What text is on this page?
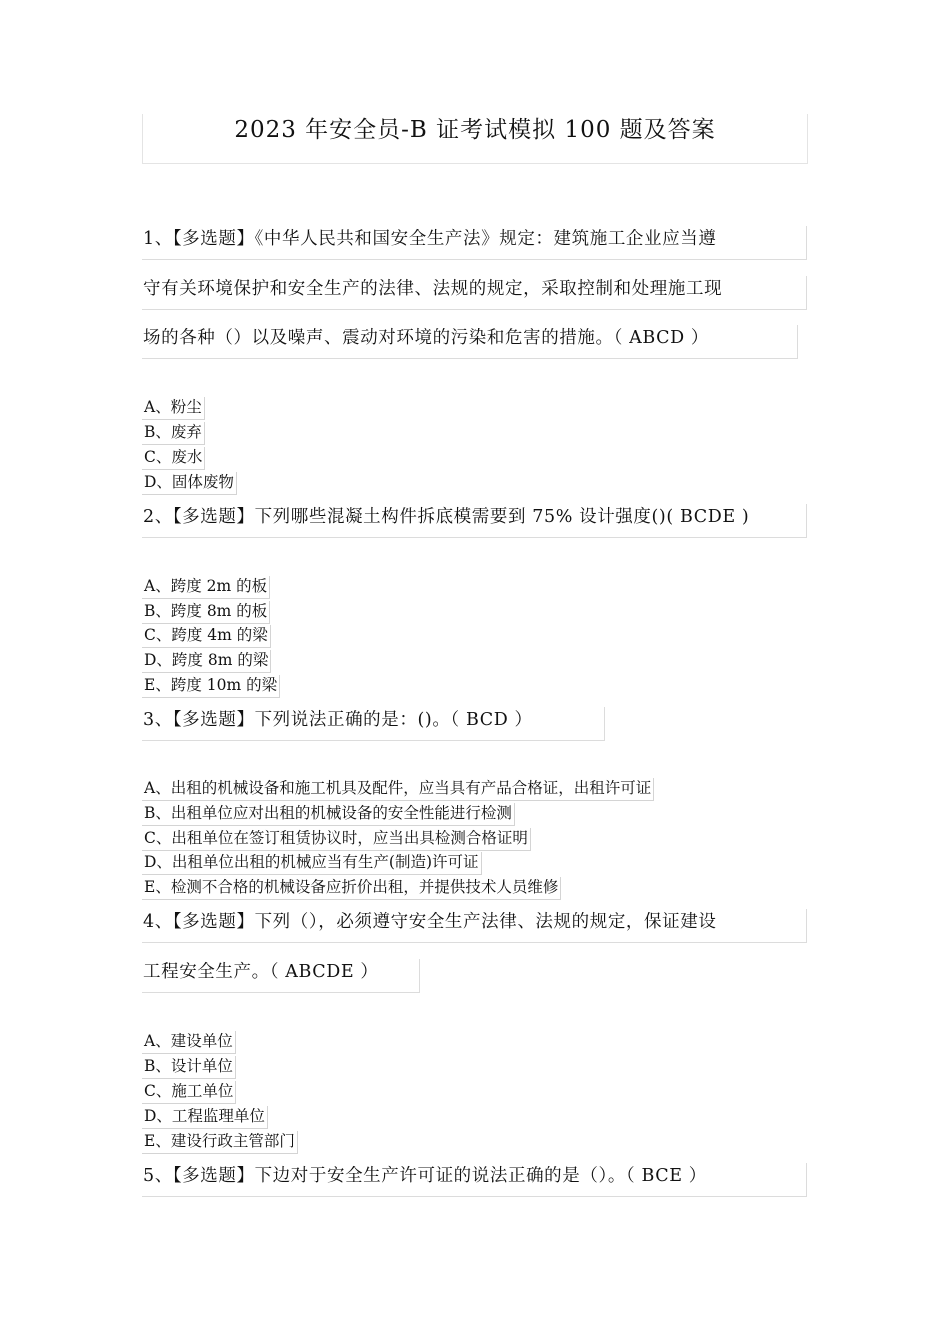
2023 年安全员-B 证考试模拟 100 题及答案
1、【多选题】《中华人民共和国安全生产法》规定：建筑施工企业应当遵
守有关环境保护和安全生产的法律、法规的规定，采取控制和处理施工现
场的各种（）以及噪声、震动对环境的污染和危害的措施。（ ABCD ）
A、粉尘
B、废弃
C、废水
D、固体废物
2、【多选题】下列哪些混凝土构件拆底模需要到 75% 设计强度()( BCDE )
A、跨度 2m 的板
B、跨度 8m 的板
C、跨度 4m 的梁
D、跨度 8m 的梁
E、跨度 10m 的梁
3、【多选题】下列说法正确的是：()。（ BCD ）
A、出租的机械设备和施工机具及配件，应当具有产品合格证，出租许可证
B、出租单位应对出租的机械设备的安全性能进行检测
C、出租单位在签订租赁协议时，应当出具检测合格证明
D、出租单位出租的机械应当有生产(制造)许可证
E、检测不合格的机械设备应折价出租，并提供技术人员维修
4、【多选题】下列（），必须遵守安全生产法律、法规的规定，保证建设
工程安全生产。（ ABCDE ）
A、建设单位
B、设计单位
C、施工单位
D、工程监理单位
E、建设行政主管部门
5、【多选题】下边对于安全生产许可证的说法正确的是（）。（ BCE ）
